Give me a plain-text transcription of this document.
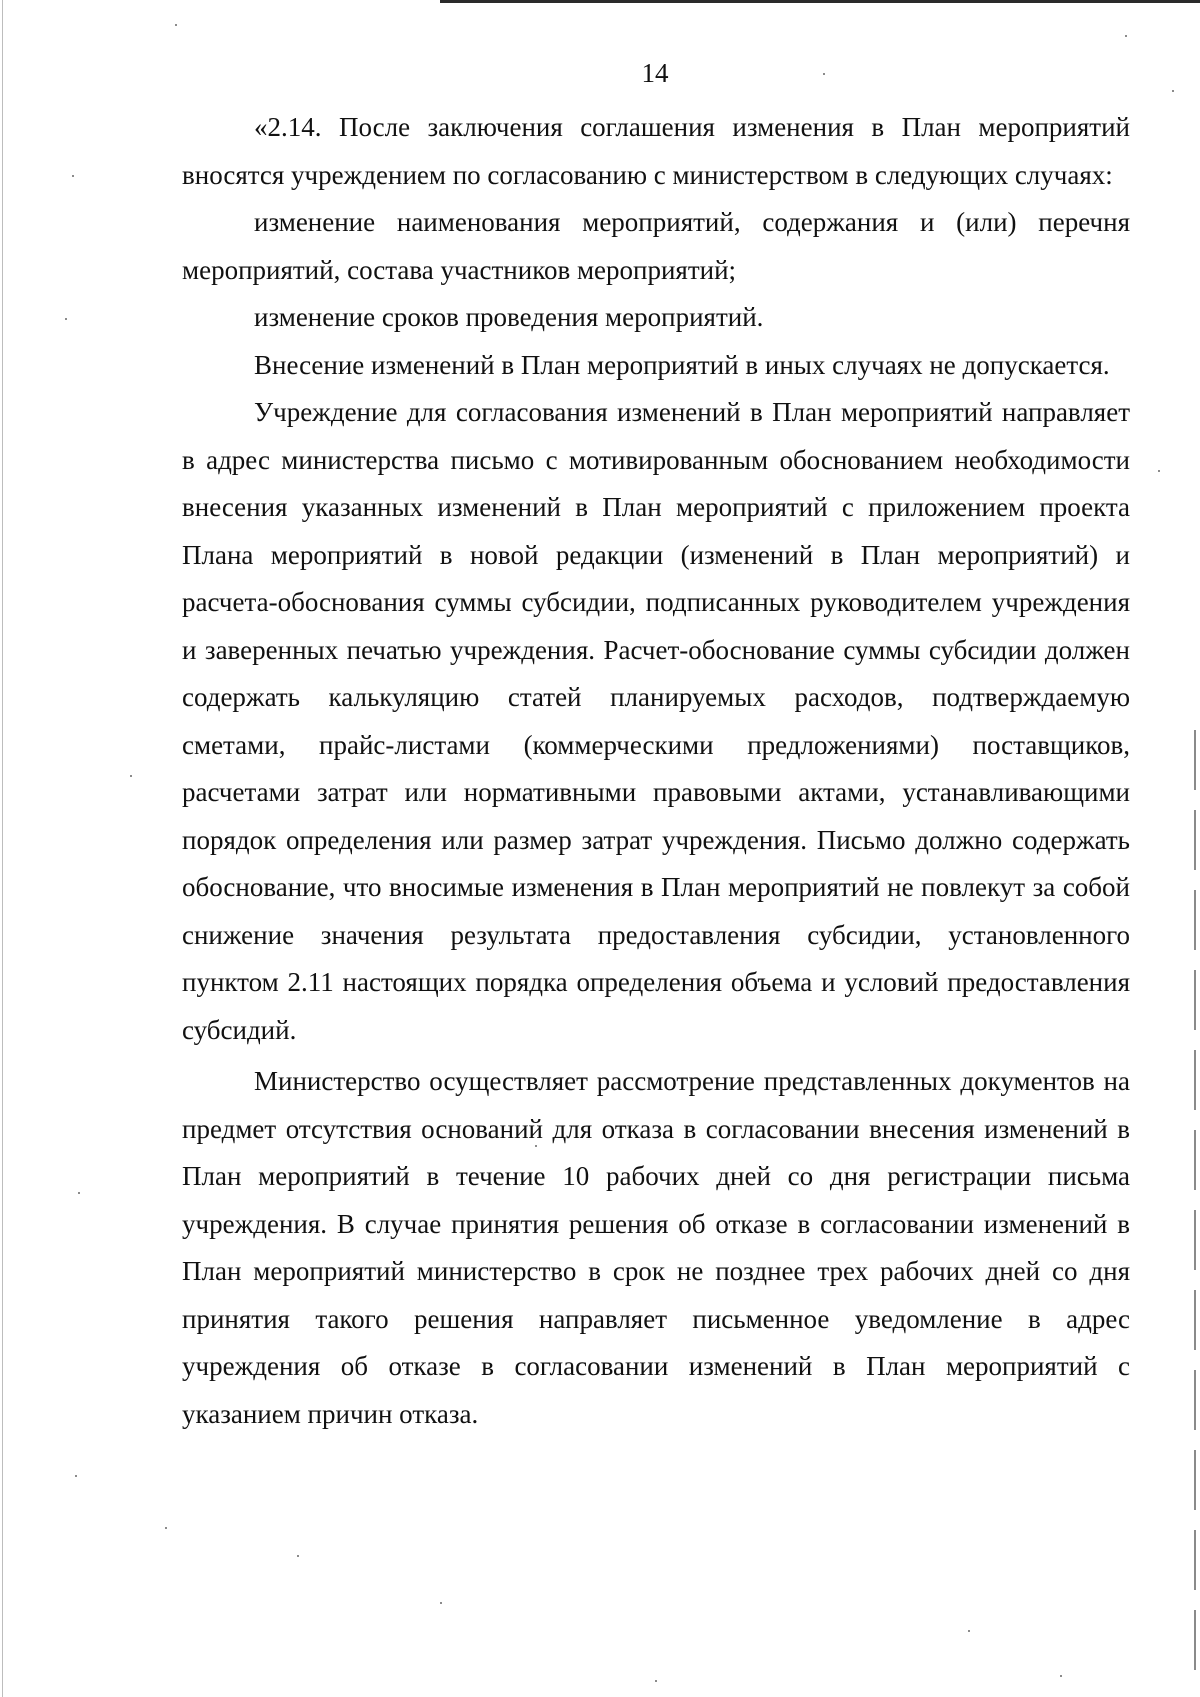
14

«2.14. После заключения соглашения изменения в План мероприятий вносятся учреждением по согласованию с министерством в следующих случаях:

изменение наименования мероприятий, содержания и (или) перечня мероприятий, состава участников мероприятий;

изменение сроков проведения мероприятий.

Внесение изменений в План мероприятий в иных случаях не допускается.

Учреждение для согласования изменений в План мероприятий направляет в адрес министерства письмо с мотивированным обоснованием необходимости внесения указанных изменений в План мероприятий с приложением проекта Плана мероприятий в новой редакции (изменений в План мероприятий) и расчета-обоснования суммы субсидии, подписанных руководителем учреждения и заверенных печатью учреждения. Расчет-обоснование суммы субсидии должен содержать калькуляцию статей планируемых расходов, подтверждаемую сметами, прайс-листами (коммерческими предложениями) поставщиков, расчетами затрат или нормативными правовыми актами, устанавливающими порядок определения или размер затрат учреждения. Письмо должно содержать обоснование, что вносимые изменения в План мероприятий не повлекут за собой снижение значения результата предоставления субсидии, установленного пунктом 2.11 настоящих порядка определения объема и условий предоставления субсидий.

Министерство осуществляет рассмотрение представленных документов на предмет отсутствия оснований для отказа в согласовании внесения изменений в План мероприятий в течение 10 рабочих дней со дня регистрации письма учреждения. В случае принятия решения об отказе в согласовании изменений в План мероприятий министерство в срок не позднее трех рабочих дней со дня принятия такого решения направляет письменное уведомление в адрес учреждения об отказе в согласовании изменений в План мероприятий с указанием причин отказа.
